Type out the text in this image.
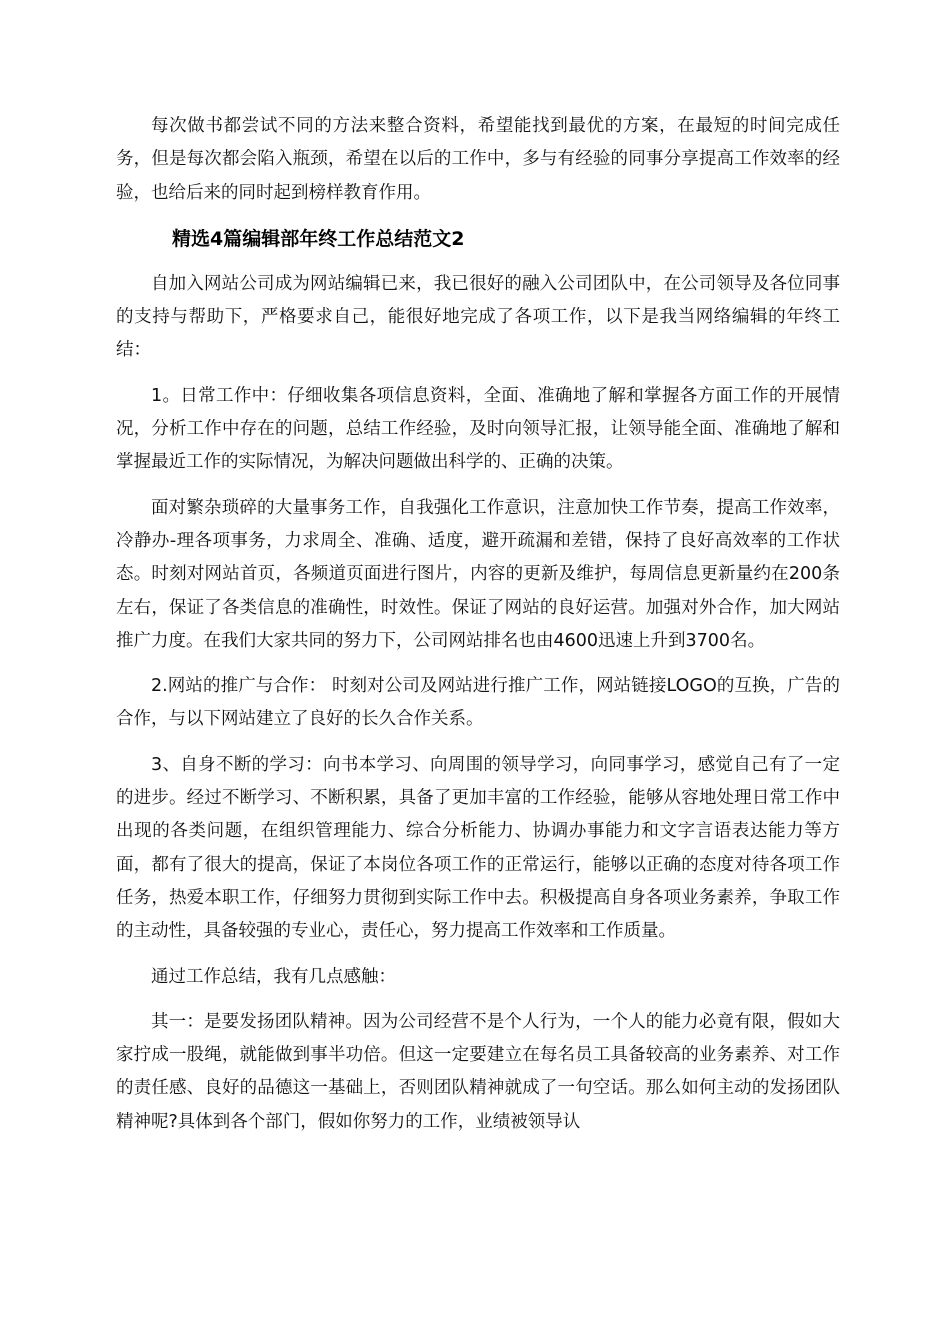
每次做书都尝试不同的方法来整合资料，希望能找到最优的方案，在最短的时间完成任务，但是每次都会陷入瓶颈，希望在以后的工作中，多与有经验的同事分享提高工作效率的经验，也给后来的同时起到榜样教育作用。

精选4篇编辑部年终工作总结范文2

自加入网站公司成为网站编辑已来，我已很好的融入公司团队中，在公司领导及各位同事的支持与帮助下，严格要求自己，能很好地完成了各项工作，以下是我当网络编辑的年终工结：

1。日常工作中：仔细收集各项信息资料，全面、准确地了解和掌握各方面工作的开展情况，分析工作中存在的问题，总结工作经验，及时向领导汇报，让领导能全面、准确地了解和掌握最近工作的实际情况，为解决问题做出科学的、正确的决策。

面对繁杂琐碎的大量事务工作，自我强化工作意识，注意加快工作节奏，提高工作效率，冷静办-理各项事务，力求周全、准确、适度，避开疏漏和差错，保持了良好高效率的工作状态。时刻对网站首页，各频道页面进行图片，内容的更新及维护，每周信息更新量约在200条左右，保证了各类信息的准确性，时效性。保证了网站的良好运营。加强对外合作，加大网站推广力度。在我们大家共同的努力下，公司网站排名也由4600迅速上升到3700名。

2.网站的推广与合作： 时刻对公司及网站进行推广工作，网站链接LOGO的互换，广告的合作，与以下网站建立了良好的长久合作关系。

3、自身不断的学习：向书本学习、向周围的领导学习，向同事学习，感觉自己有了一定的进步。经过不断学习、不断积累，具备了更加丰富的工作经验，能够从容地处理日常工作中出现的各类问题，在组织管理能力、综合分析能力、协调办事能力和文字言语表达能力等方面，都有了很大的提高，保证了本岗位各项工作的正常运行，能够以正确的态度对待各项工作任务，热爱本职工作，仔细努力贯彻到实际工作中去。积极提高自身各项业务素养，争取工作的主动性，具备较强的专业心，责任心，努力提高工作效率和工作质量。

通过工作总结，我有几点感触：

其一：是要发扬团队精神。因为公司经营不是个人行为，一个人的能力必竟有限，假如大家拧成一股绳，就能做到事半功倍。但这一定要建立在每名员工具备较高的业务素养、对工作的责任感、良好的品德这一基础上，否则团队精神就成了一句空话。那么如何主动的发扬团队精神呢?具体到各个部门，假如你努力的工作，业绩被领导认
